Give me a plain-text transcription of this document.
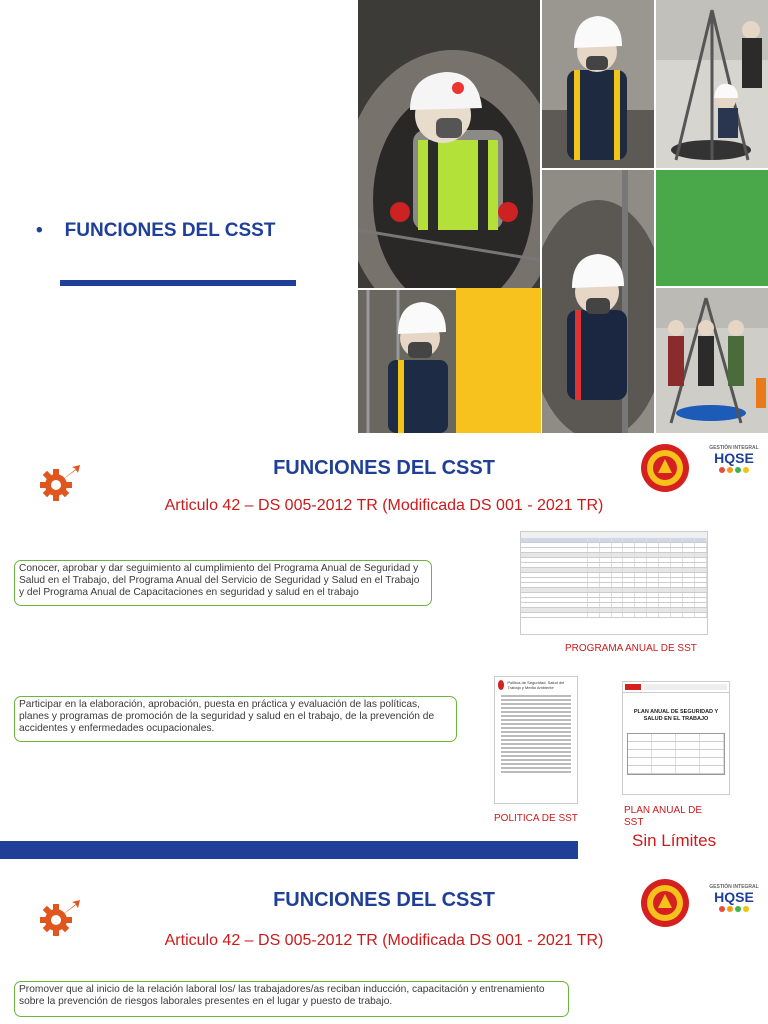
• FUNCIONES DEL CSST
FUNCIONES DEL CSST
Articulo 42 – DS 005-2012 TR (Modificada DS 001 - 2021 TR)
GESTIÓN INTEGRAL
HQSE
Conocer, aprobar y dar seguimiento al cumplimiento del Programa Anual de Seguridad y Salud en el Trabajo, del Programa Anual del Servicio de Seguridad y Salud en el Trabajo y del Programa Anual de Capacitaciones en seguridad y salud en el trabajo
PROGRAMA ANUAL DE SST
Participar en la elaboración, aprobación, puesta en práctica y evaluación de las políticas, planes y programas de promoción de la seguridad y salud en el trabajo, de la prevención de accidentes y enfermedades ocupacionales.
Política de Seguridad, Salud del Trabajo y Medio Ambiente
POLITICA DE SST
PLAN ANUAL DE SEGURIDAD Y SALUD EN EL TRABAJO
PLAN ANUAL DE SST
Sin Límites
FUNCIONES DEL CSST
Articulo 42 – DS 005-2012 TR (Modificada DS 001 - 2021 TR)
GESTIÓN INTEGRAL
HQSE
Promover que al inicio de la relación laboral los/ las trabajadores/as reciban inducción, capacitación y entrenamiento sobre la prevención de riesgos laborales presentes en el lugar y puesto de trabajo.
